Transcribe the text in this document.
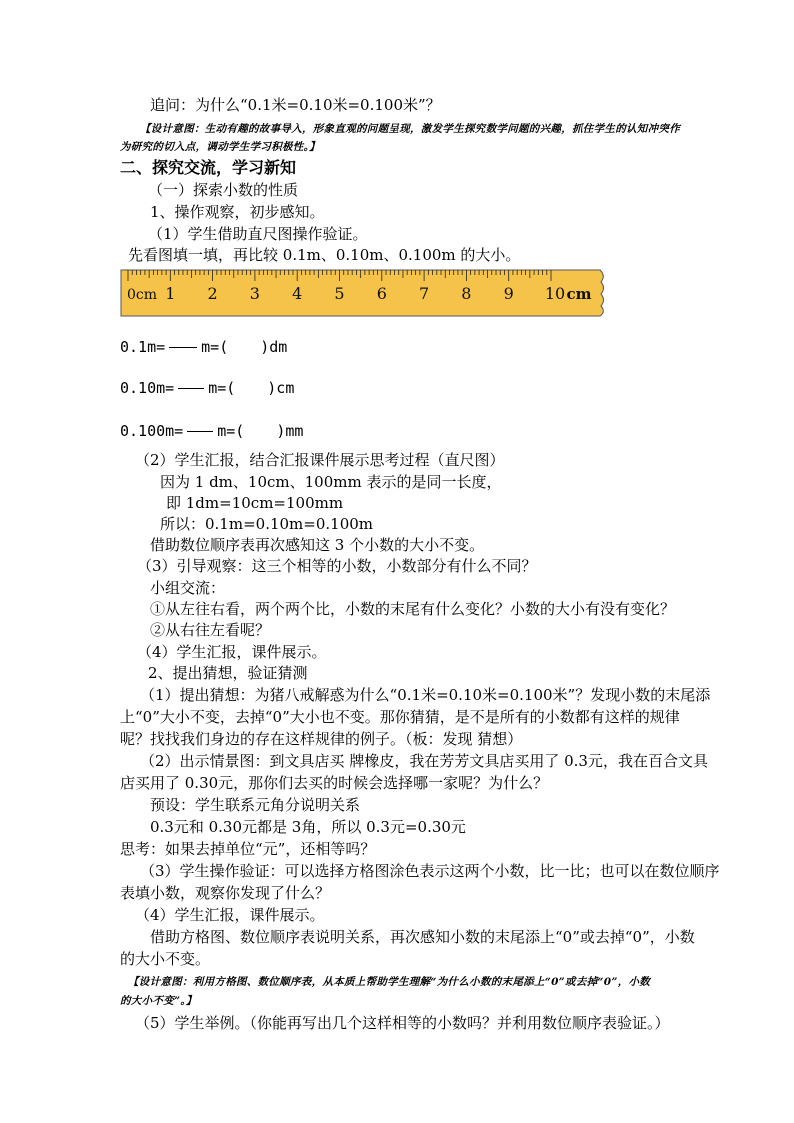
追问：为什么“0.1米=0.10米=0.100米”？
【设计意图：生动有趣的故事导入，形象直观的问题呈现，激发学生探究数学问题的兴趣，抓住学生的认知冲突作
为研究的切入点，调动学生学习积极性。】
二、探究交流，学习新知
（一）探索小数的性质
1、操作观察，初步感知。
（1）学生借助直尺图操作验证。
先看图填一填，再比较 0.1m、0.10m、0.100m 的大小。
0cm 1 2 3 4 5 6 7 8 9 10 cm
0.1m= m=( )dm
0.10m= m=( )cm
0.100m= m=( )mm
（2）学生汇报，结合汇报课件展示思考过程（直尺图）
因为 1 dm、10cm、100mm 表示的是同一长度，
即 1dm=10cm=100mm
所以：0.1m=0.10m=0.100m
借助数位顺序表再次感知这 3 个小数的大小不变。
（3）引导观察：这三个相等的小数，小数部分有什么不同？
小组交流：
①从左往右看，两个两个比，小数的末尾有什么变化？小数的大小有没有变化？
②从右往左看呢？
（4）学生汇报，课件展示。
2、提出猜想，验证猜测
（1）提出猜想：为猪八戒解惑为什么“0.1米=0.10米=0.100米”？发现小数的末尾添
上“0”大小不变，去掉“0”大小也不变。那你猜猜，是不是所有的小数都有这样的规律
呢？找找我们身边的存在这样规律的例子。（板：发现 猜想）
（2）出示情景图：到文具店买 牌橡皮，我在芳芳文具店买用了 0.3元，我在百合文具
店买用了 0.30元，那你们去买的时候会选择哪一家呢？为什么？
预设：学生联系元角分说明关系
0.3元和 0.30元都是 3角，所以 0.3元=0.30元
思考：如果去掉单位“元”，还相等吗？
（3）学生操作验证：可以选择方格图涂色表示这两个小数，比一比；也可以在数位顺序
表填小数，观察你发现了什么？
（4）学生汇报，课件展示。
借助方格图、数位顺序表说明关系，再次感知小数的末尾添上“0”或去掉“0”，小数
的大小不变。
【设计意图：利用方格图、数位顺序表，从本质上帮助学生理解“为什么小数的末尾添上“0”或去掉“0”，小数
的大小不变”。】
（5）学生举例。（你能再写出几个这样相等的小数吗？并利用数位顺序表验证。）
